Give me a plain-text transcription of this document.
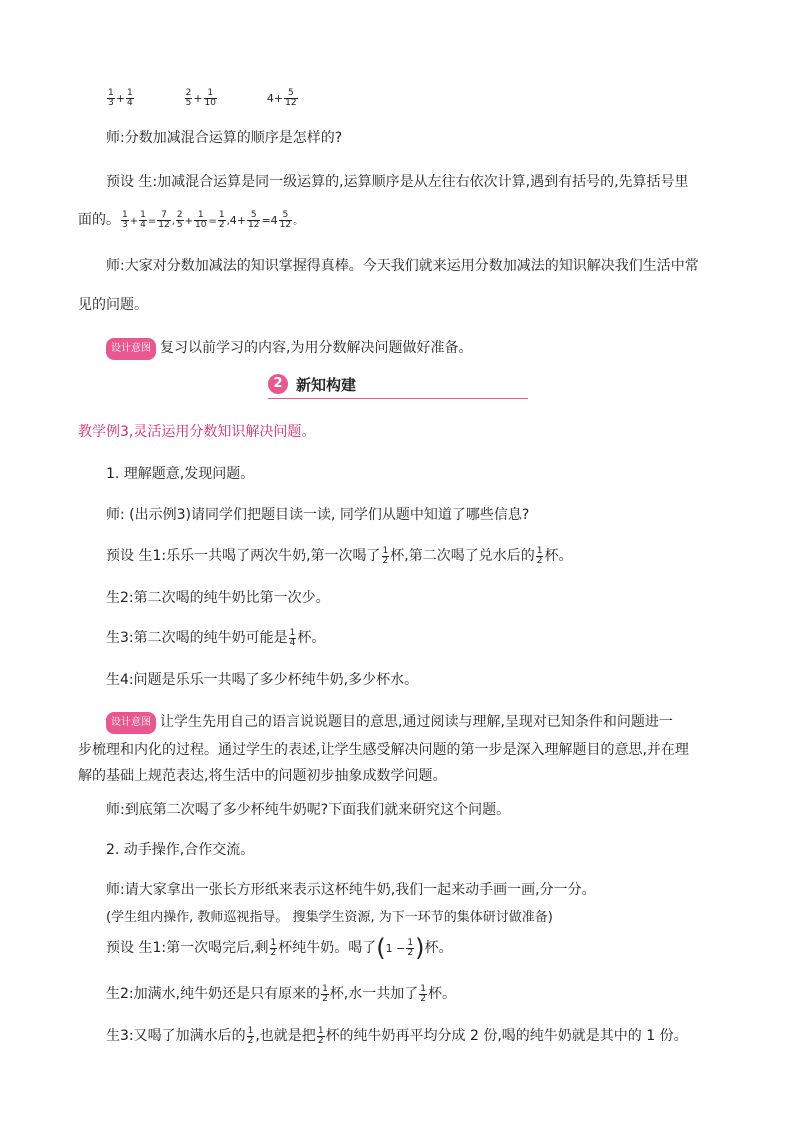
$\frac{1}{3} + \frac{1}{4}$
	$\frac{2}{5} + \frac{1}{10}$	$4+ \frac{5}{12}$
师:分数加减混合运算的顺序是怎样的?
预设 生:加减混合运算是同一级运算的,运算顺序是从左往右依次计算,遇到有括号的,先算括号里
面的。 $\frac{1}{3} + \frac{1}{4} = \frac{7}{12}$ , $\frac{2}{5} + \frac{1}{10} = \frac{1}{2} ,4+ \frac{5}{12} =4 \frac{5}{12}$ 。
师:大家对分数加减法的知识掌握得真棒。今天我们就来运用分数加减法的知识解决我们生活中常
见的问题。
设计意图 复习以前学习的内容,为用分数解决问题做好准备。
2 新知构建
教学例3,灵活运用分数知识解决问题。
1. 理解题意,发现问题。
师: (出示例3)请同学们把题目读一读, 同学们从题中知道了哪些信息?
预设 生1:乐乐一共喝了两次牛奶,第一次喝了 $\frac{1}{2}$ 杯,第二次喝了兑水后的 $\frac{1}{2}$ 杯。
生2:第二次喝的纯牛奶比第一次少。
生3:第二次喝的纯牛奶可能是 $\frac{1}{4}$ 杯。
生4:问题是乐乐一共喝了多少杯纯牛奶,多少杯水。
设计意图 让学生先用自己的语言说说题目的意思,通过阅读与理解,呈现对已知条件和问题进一
步梳理和内化的过程。通过学生的表述,让学生感受解决问题的第一步是深入理解题目的意思,并在理
解的基础上规范表达,将生活中的问题初步抽象成数学问题。
师:到底第二次喝了多少杯纯牛奶呢?下面我们就来研究这个问题。
2. 动手操作,合作交流。
师:请大家拿出一张长方形纸来表示这杯纯牛奶,我们一起来动手画一画,分一分。
(学生组内操作, 教师巡视指导。 搜集学生资源, 为下一环节的集体研讨做准备)
预设 生1:第一次喝完后,剩 $\frac{1}{2}$ 杯纯牛奶。喝了($1 - \frac{1}{2}$ )杯。
生2:加满水,纯牛奶还是只有原来的 $\frac{1}{2}$ 杯,水一共加了 $\frac{1}{2}$ 杯。
生3:又喝了加满水后的 $\frac{1}{2}$ ,也就是把 $\frac{1}{2}$ 杯的纯牛奶再平均分成 2 份,喝的纯牛奶就是其中的 1 份。
